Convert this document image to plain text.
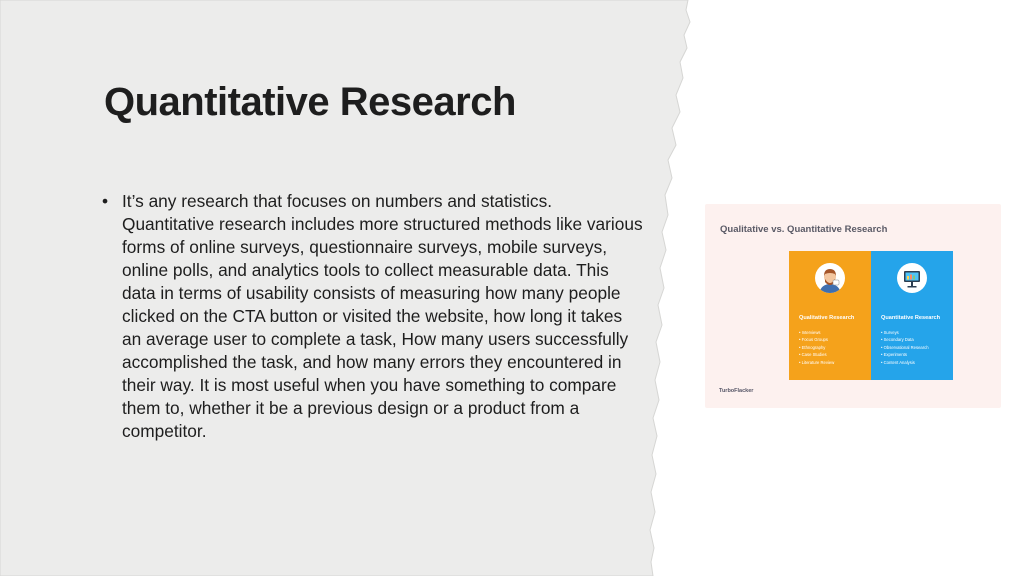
Quantitative Research
• It’s any research that focuses on numbers and statistics. Quantitative research includes more structured methods like various forms of online surveys, questionnaire surveys, mobile surveys, online polls, and analytics tools to collect measurable data. This data in terms of usability consists of measuring how many people clicked on the CTA button or visited the website, how long it takes an average user to complete a task, How many users successfully accomplished the task, and how many errors they encountered in their way. It is most useful when you have something to compare them to, whether it be a previous design or a product from a competitor.
Qualitative vs. Quantitative Research
Qualitative Research
• Interviews
• Focus Groups
• Ethnography
• Case Studies
• Literature Review
Quantitative Research
• Surveys
• Secondary Data
• Observational Research
• Experiments
• Content Analysis
TurboFlacker
